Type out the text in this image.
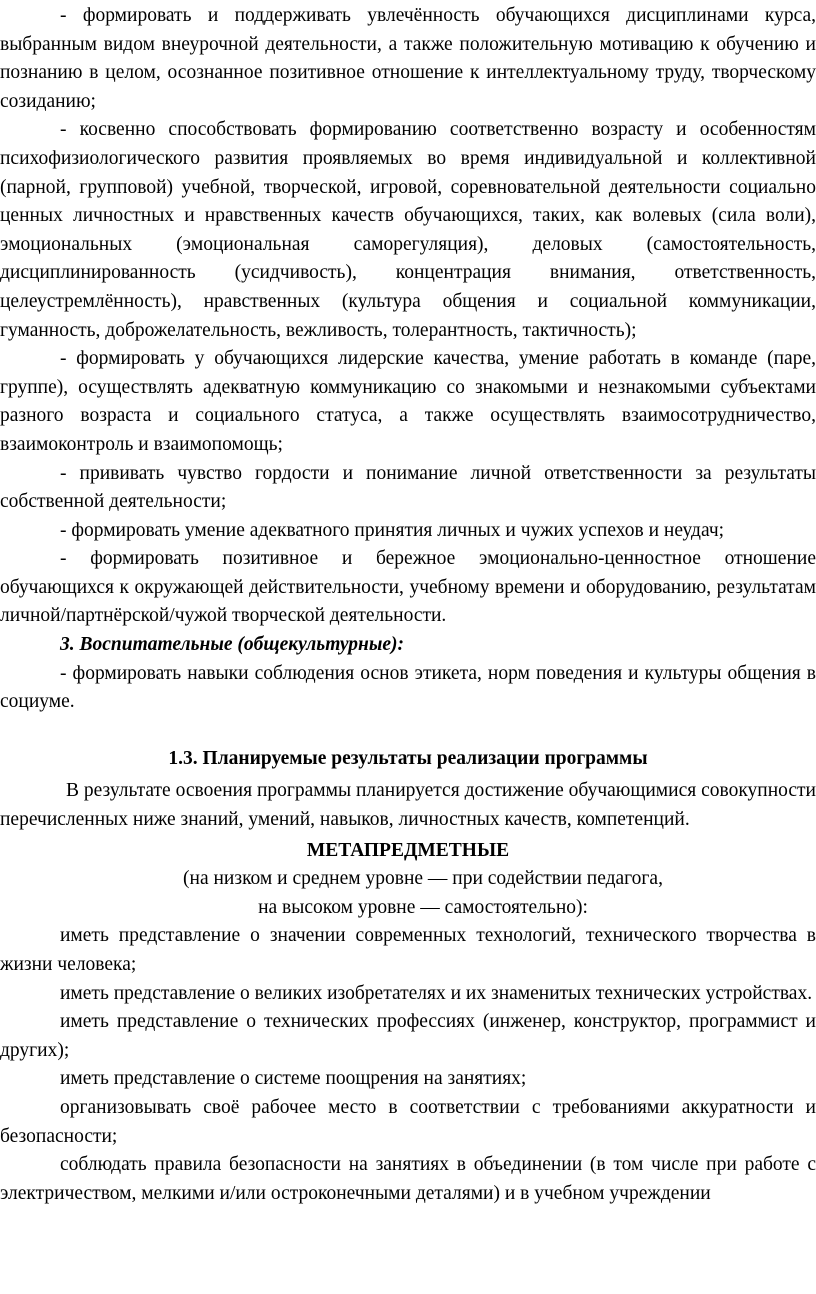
- формировать и поддерживать увлечённость обучающихся дисциплинами курса, выбранным видом внеурочной деятельности, а также положительную мотивацию к обучению и познанию в целом, осознанное позитивное отношение к интеллектуальному труду, творческому созиданию;

- косвенно способствовать формированию соответственно возрасту и особенностям психофизиологического развития проявляемых во время индивидуальной и коллективной (парной, групповой) учебной, творческой, игровой, соревновательной деятельности социально ценных личностных и нравственных качеств обучающихся, таких, как волевых (сила воли), эмоциональных (эмоциональная саморегуляция), деловых (самостоятельность, дисциплинированность (усидчивость), концентрация внимания, ответственность, целеустремлённость), нравственных (культура общения и социальной коммуникации, гуманность, доброжелательность, вежливость, толерантность, тактичность);

- формировать у обучающихся лидерские качества, умение работать в команде (паре, группе), осуществлять адекватную коммуникацию со знакомыми и незнакомыми субъектами разного возраста и социального статуса, а также осуществлять взаимосотрудничество, взаимоконтроль и взаимопомощь;

- прививать чувство гордости и понимание личной ответственности за результаты собственной деятельности;

- формировать умение адекватного принятия личных и чужих успехов и неудач;

- формировать позитивное и бережное эмоционально-ценностное отношение обучающихся к окружающей действительности, учебному времени и оборудованию, результатам личной/партнёрской/чужой творческой деятельности.

3. Воспитательные (общекультурные):

- формировать навыки соблюдения основ этикета, норм поведения и культуры общения в социуме.

1.3. Планируемые результаты реализации программы

В результате освоения программы планируется достижение обучающимися совокупности перечисленных ниже знаний, умений, навыков, личностных качеств, компетенций.

МЕТАПРЕДМЕТНЫЕ

(на низком и среднем уровне — при содействии педагога,

на высоком уровне — самостоятельно):

иметь представление о значении современных технологий, технического творчества в жизни человека;

иметь представление о великих изобретателях и их знаменитых технических устройствах.

иметь представление о технических профессиях (инженер, конструктор, программист и других);

иметь представление о системе поощрения на занятиях;

организовывать своё рабочее место в соответствии с требованиями аккуратности и безопасности;

соблюдать правила безопасности на занятиях в объединении (в том числе при работе с электричеством, мелкими и/или остроконечными деталями) и в учебном учреждении
